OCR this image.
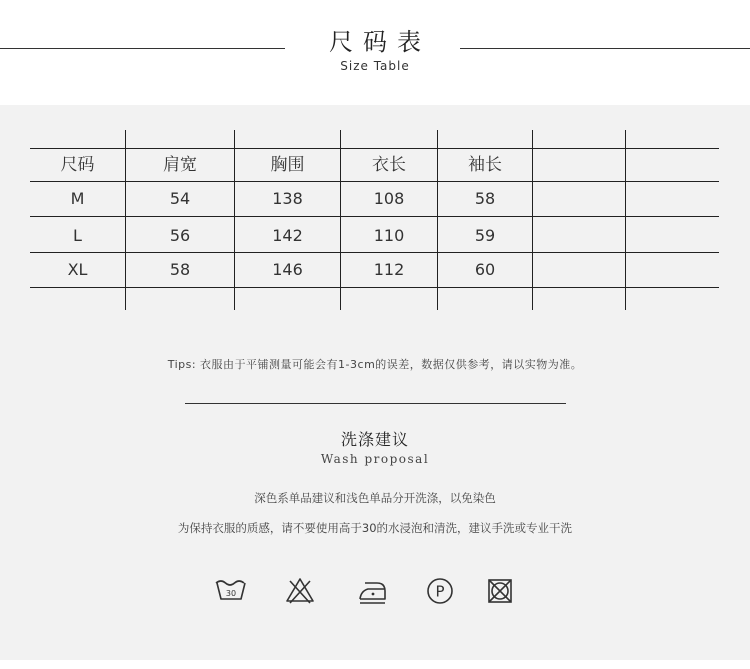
尺码表
Size Table
尺码	肩宽	胸围	衣长	袖长
M	54	138	108	58
L	56	142	110	59
XL	58	146	112	60
Tips: 衣服由于平铺测量可能会有1-3cm的误差，数据仅供参考，请以实物为准。
洗涤建议
Wash proposal
深色系单品建议和浅色单品分开洗涤，以免染色
为保持衣服的质感，请不要使用高于30的水浸泡和清洗，建议手洗或专业干洗
30	P
